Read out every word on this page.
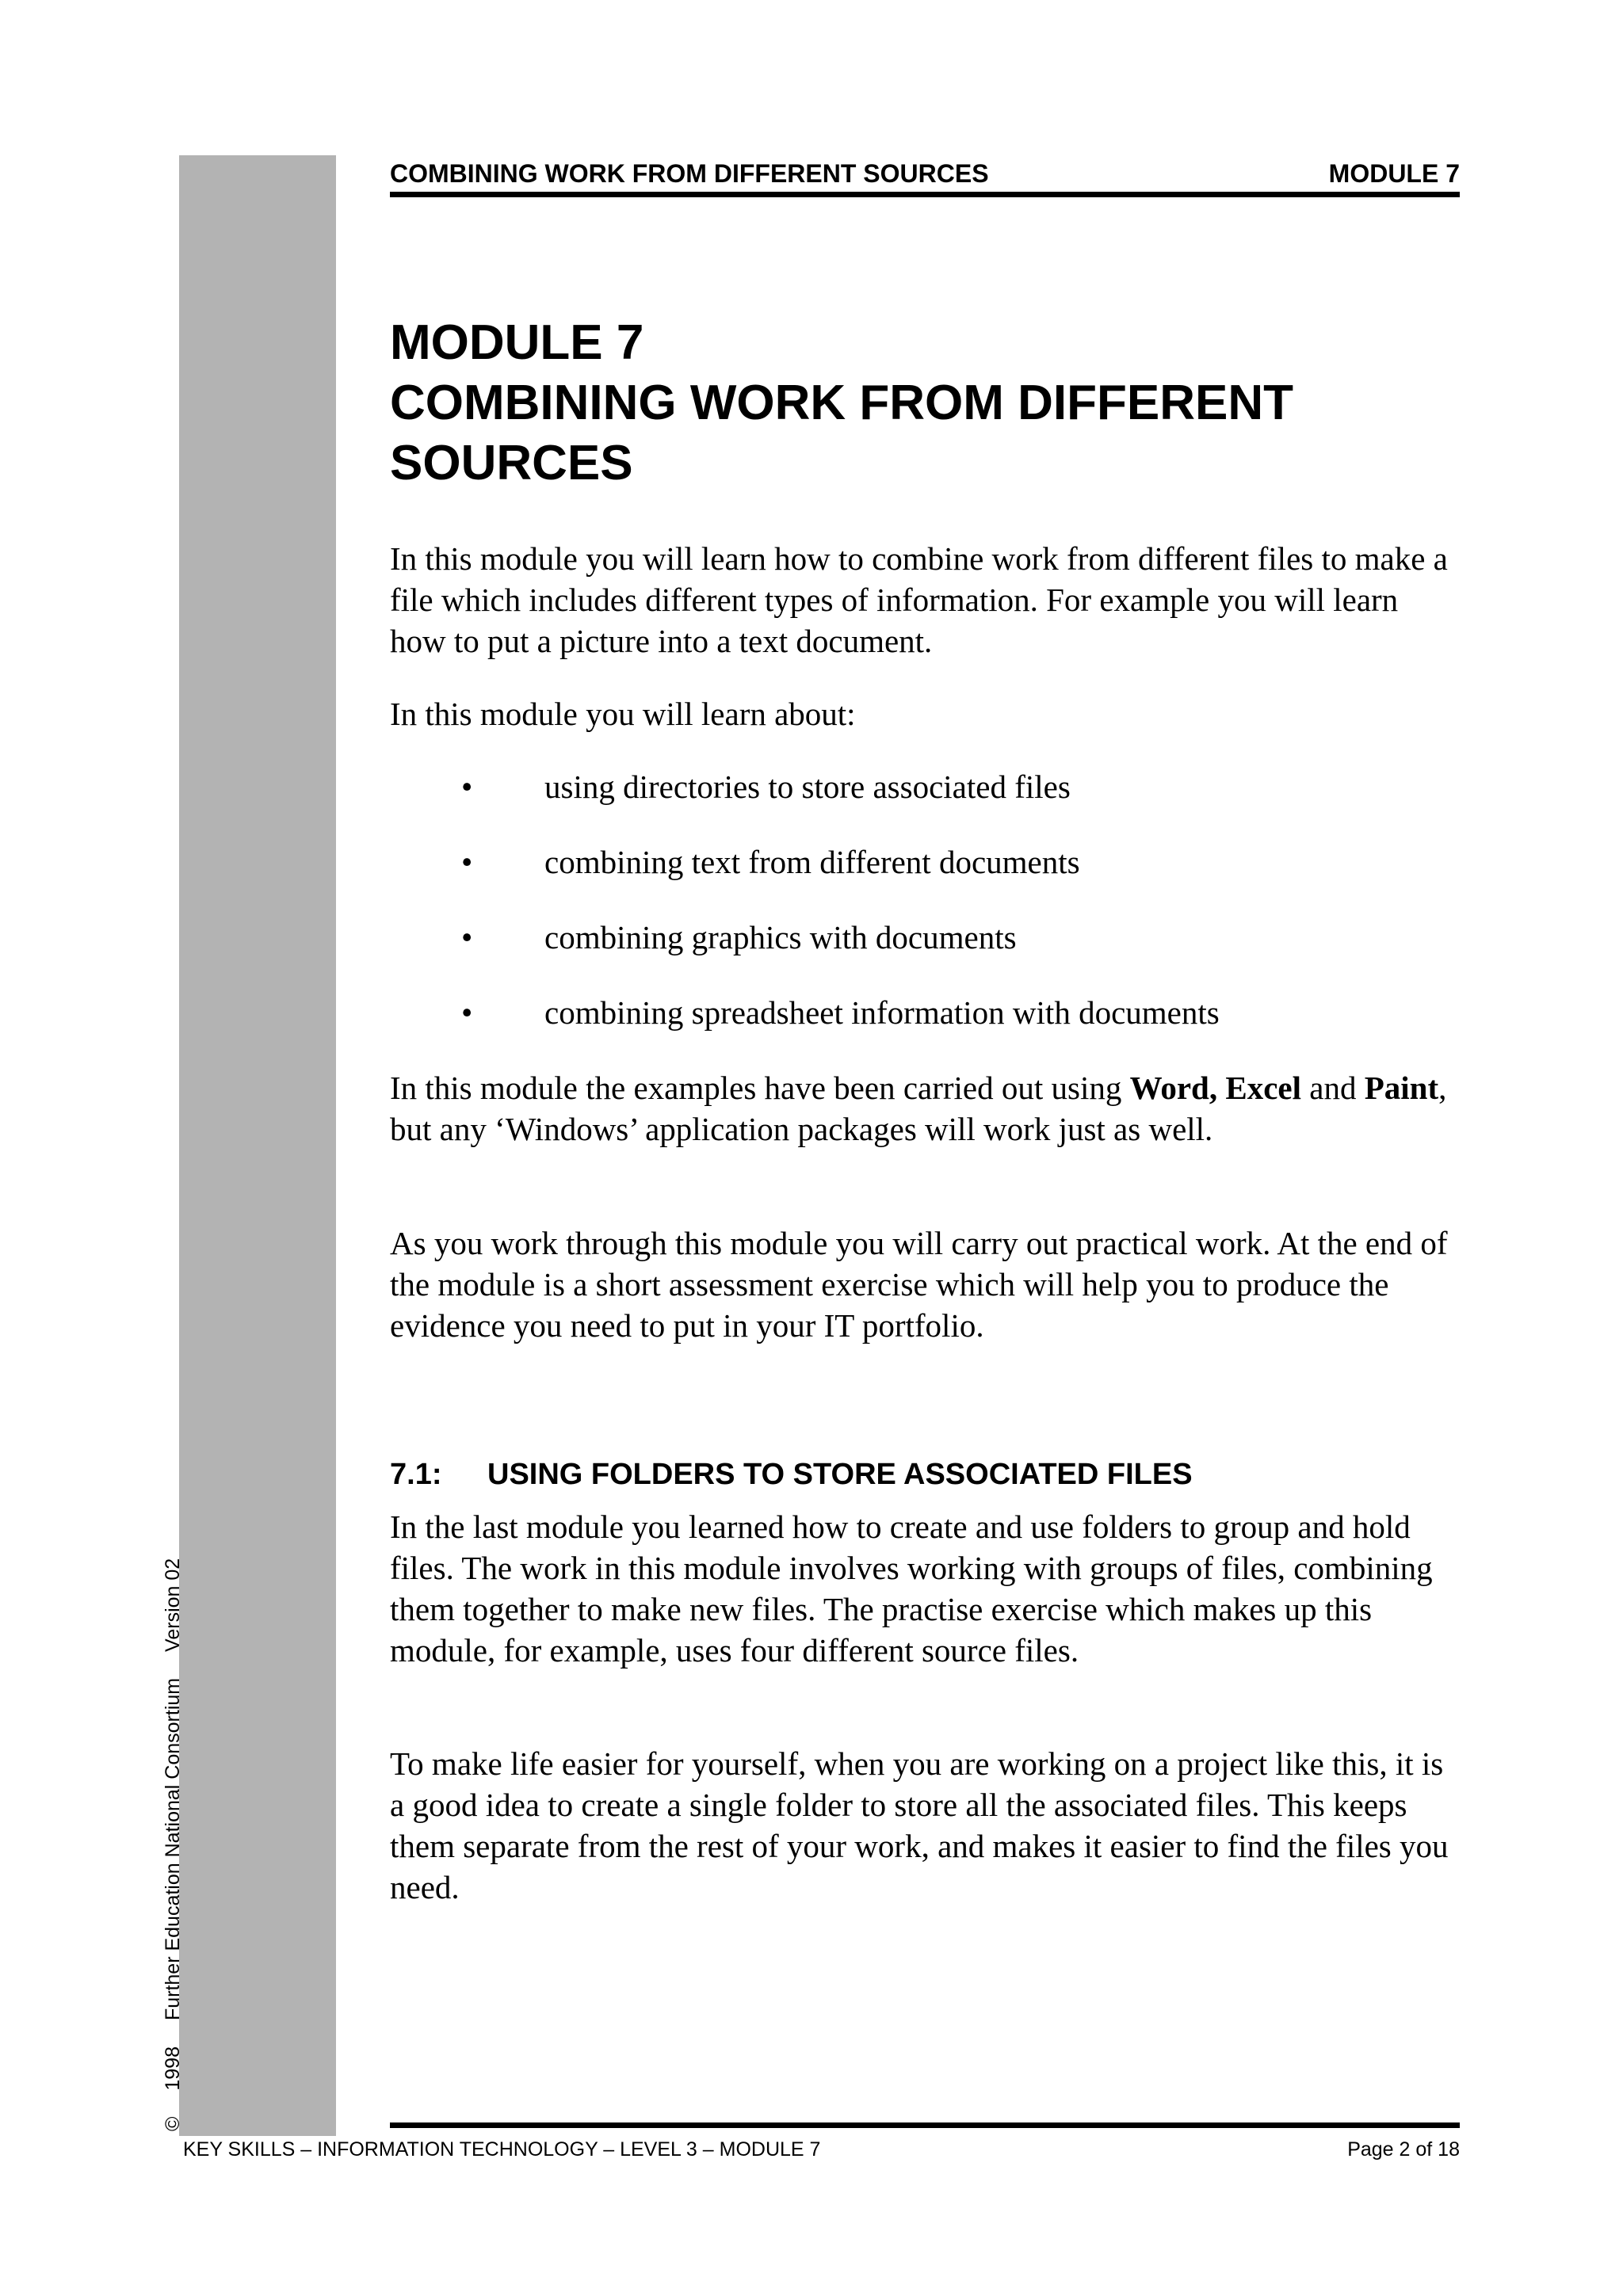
COMBINING WORK FROM DIFFERENT SOURCES	MODULE 7
MODULE 7
COMBINING WORK FROM DIFFERENT
SOURCES

In this module you will learn how to combine work from different files to make a file which includes different types of information. For example you will learn how to put a picture into a text document.

In this module you will learn about:

• using directories to store associated files
• combining text from different documents
• combining graphics with documents
• combining spreadsheet information with documents

In this module the examples have been carried out using Word, Excel and Paint, but any ‘Windows’ application packages will work just as well.

As you work through this module you will carry out practical work. At the end of the module is a short assessment exercise which will help you to produce the evidence you need to put in your IT portfolio.

7.1: USING FOLDERS TO STORE ASSOCIATED FILES

In the last module you learned how to create and use folders to group and hold files. The work in this module involves working with groups of files, combining them together to make new files. The practise exercise which makes up this module, for example, uses four different source files.

To make life easier for yourself, when you are working on a project like this, it is a good idea to create a single folder to store all the associated files. This keeps them separate from the rest of your work, and makes it easier to find the files you need.

© 1998 Further Education National Consortium Version 02
KEY SKILLS – INFORMATION TECHNOLOGY – LEVEL 3 – MODULE 7	Page 2 of 18
